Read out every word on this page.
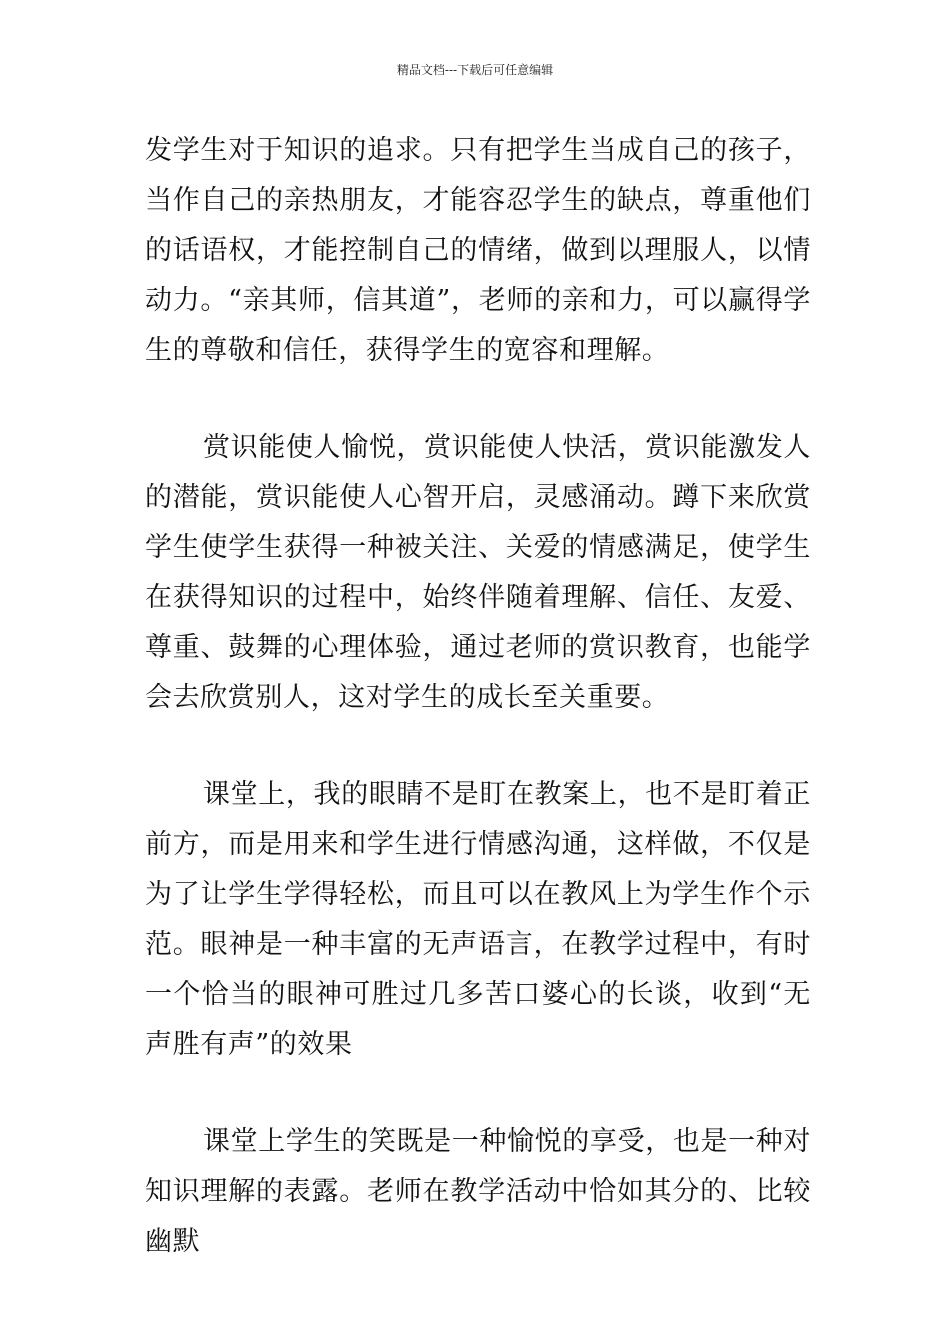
精品文档---下载后可任意编辑

发学生对于知识的追求。只有把学生当成自己的孩子，当作自己的亲热朋友，才能容忍学生的缺点，尊重他们的话语权，才能控制自己的情绪，做到以理服人，以情动力。“亲其师，信其道”，老师的亲和力，可以赢得学生的尊敬和信任，获得学生的宽容和理解。

赏识能使人愉悦，赏识能使人快活，赏识能激发人的潜能，赏识能使人心智开启，灵感涌动。蹲下来欣赏学生使学生获得一种被关注、关爱的情感满足，使学生在获得知识的过程中，始终伴随着理解、信任、友爱、尊重、鼓舞的心理体验，通过老师的赏识教育，也能学会去欣赏别人，这对学生的成长至关重要。

课堂上，我的眼睛不是盯在教案上，也不是盯着正前方，而是用来和学生进行情感沟通，这样做，不仅是为了让学生学得轻松，而且可以在教风上为学生作个示范。眼神是一种丰富的无声语言，在教学过程中，有时一个恰当的眼神可胜过几多苦口婆心的长谈，收到“无声胜有声”的效果

课堂上学生的笑既是一种愉悦的享受，也是一种对知识理解的表露。老师在教学活动中恰如其分的、比较幽默
